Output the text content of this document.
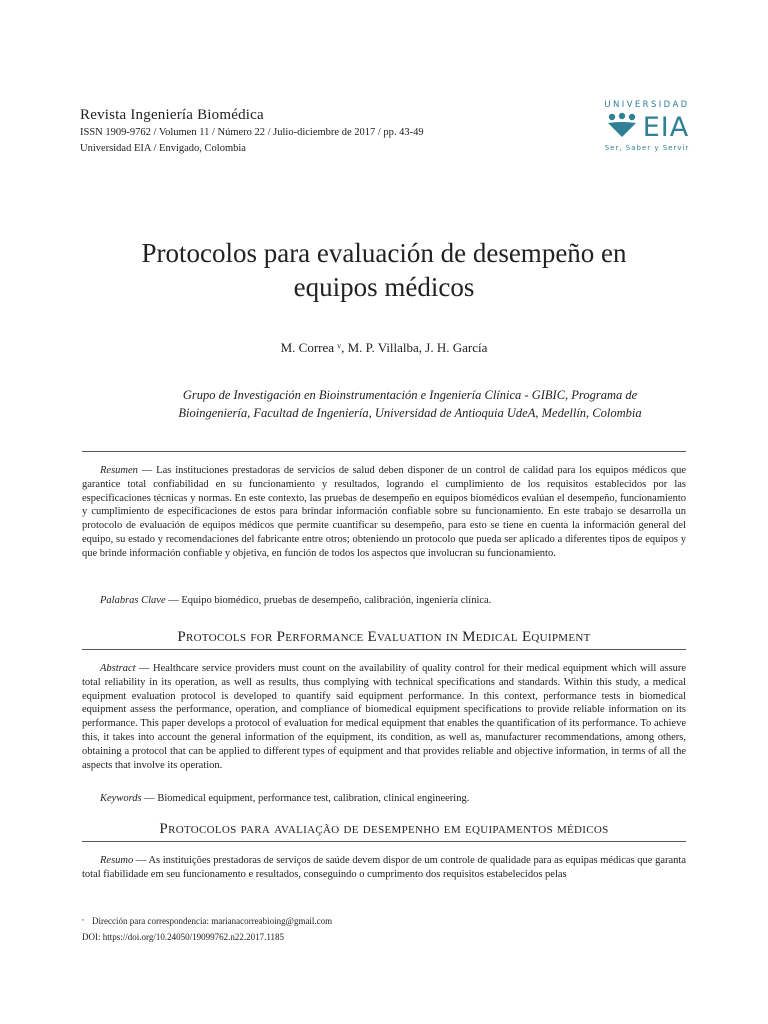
Revista Ingeniería Biomédica
ISSN 1909-9762 / Volumen 11 / Número 22 / Julio-diciembre de 2017 / pp. 43-49
Universidad EIA / Envigado, Colombia
UNIVERSIDAD
EIA
Ser, Saber y Servir
Protocolos para evaluación de desempeño en
equipos médicos
M. Correa ᵛ, M. P. Villalba, J. H. García
Grupo de Investigación en Bioinstrumentación e Ingeniería Clínica - GIBIC, Programa de
Bioingeniería, Facultad de Ingeniería, Universidad de Antioquia UdeA, Medellín, Colombia
Resumen — Las instituciones prestadoras de servicios de salud deben disponer de un control de calidad para los equipos médicos que garantice total confiabilidad en su funcionamiento y resultados, logrando el cumplimiento de los requisitos establecidos por las especificaciones técnicas y normas. En este contexto, las pruebas de desempeño en equipos biomédicos evalúan el desempeño, funcionamiento y cumplimiento de especificaciones de estos para brindar información confiable sobre su funcionamiento. En este trabajo se desarrolla un protocolo de evaluación de equipos médicos que permite cuantificar su desempeño, para esto se tiene en cuenta la información general del equipo, su estado y recomendaciones del fabricante entre otros; obteniendo un protocolo que pueda ser aplicado a diferentes tipos de equipos y que brinde información confiable y objetiva, en función de todos los aspectos que involucran su funcionamiento.
Palabras Clave — Equipo biomédico, pruebas de desempeño, calibración, ingeniería clínica.
Protocols for Performance Evaluation in Medical Equipment
Abstract — Healthcare service providers must count on the availability of quality control for their medical equipment which will assure total reliability in its operation, as well as results, thus complying with technical specifications and standards. Within this study, a medical equipment evaluation protocol is developed to quantify said equipment performance. In this context, performance tests in biomedical equipment assess the performance, operation, and compliance of biomedical equipment specifications to provide reliable information on its performance. This paper develops a protocol of evaluation for medical equipment that enables the quantification of its performance. To achieve this, it takes into account the general information of the equipment, its condition, as well as, manufacturer recommendations, among others, obtaining a protocol that can be applied to different types of equipment and that provides reliable and objective information, in terms of all the aspects that involve its operation.
Keywords — Biomedical equipment, performance test, calibration, clinical engineering.
Protocolos para avaliação de desempenho em equipamentos médicos
Resumo — As instituições prestadoras de serviços de saúde devem dispor de um controle de qualidade para as equipas médicas que garanta total fiabilidade em seu funcionamento e resultados, conseguindo o cumprimento dos requisitos estabelecidos pelas
ᵛ Dirección para correspondencia: marianacorreabioing@gmail.com
DOI: https://doi.org/10.24050/19099762.n22.2017.1185
